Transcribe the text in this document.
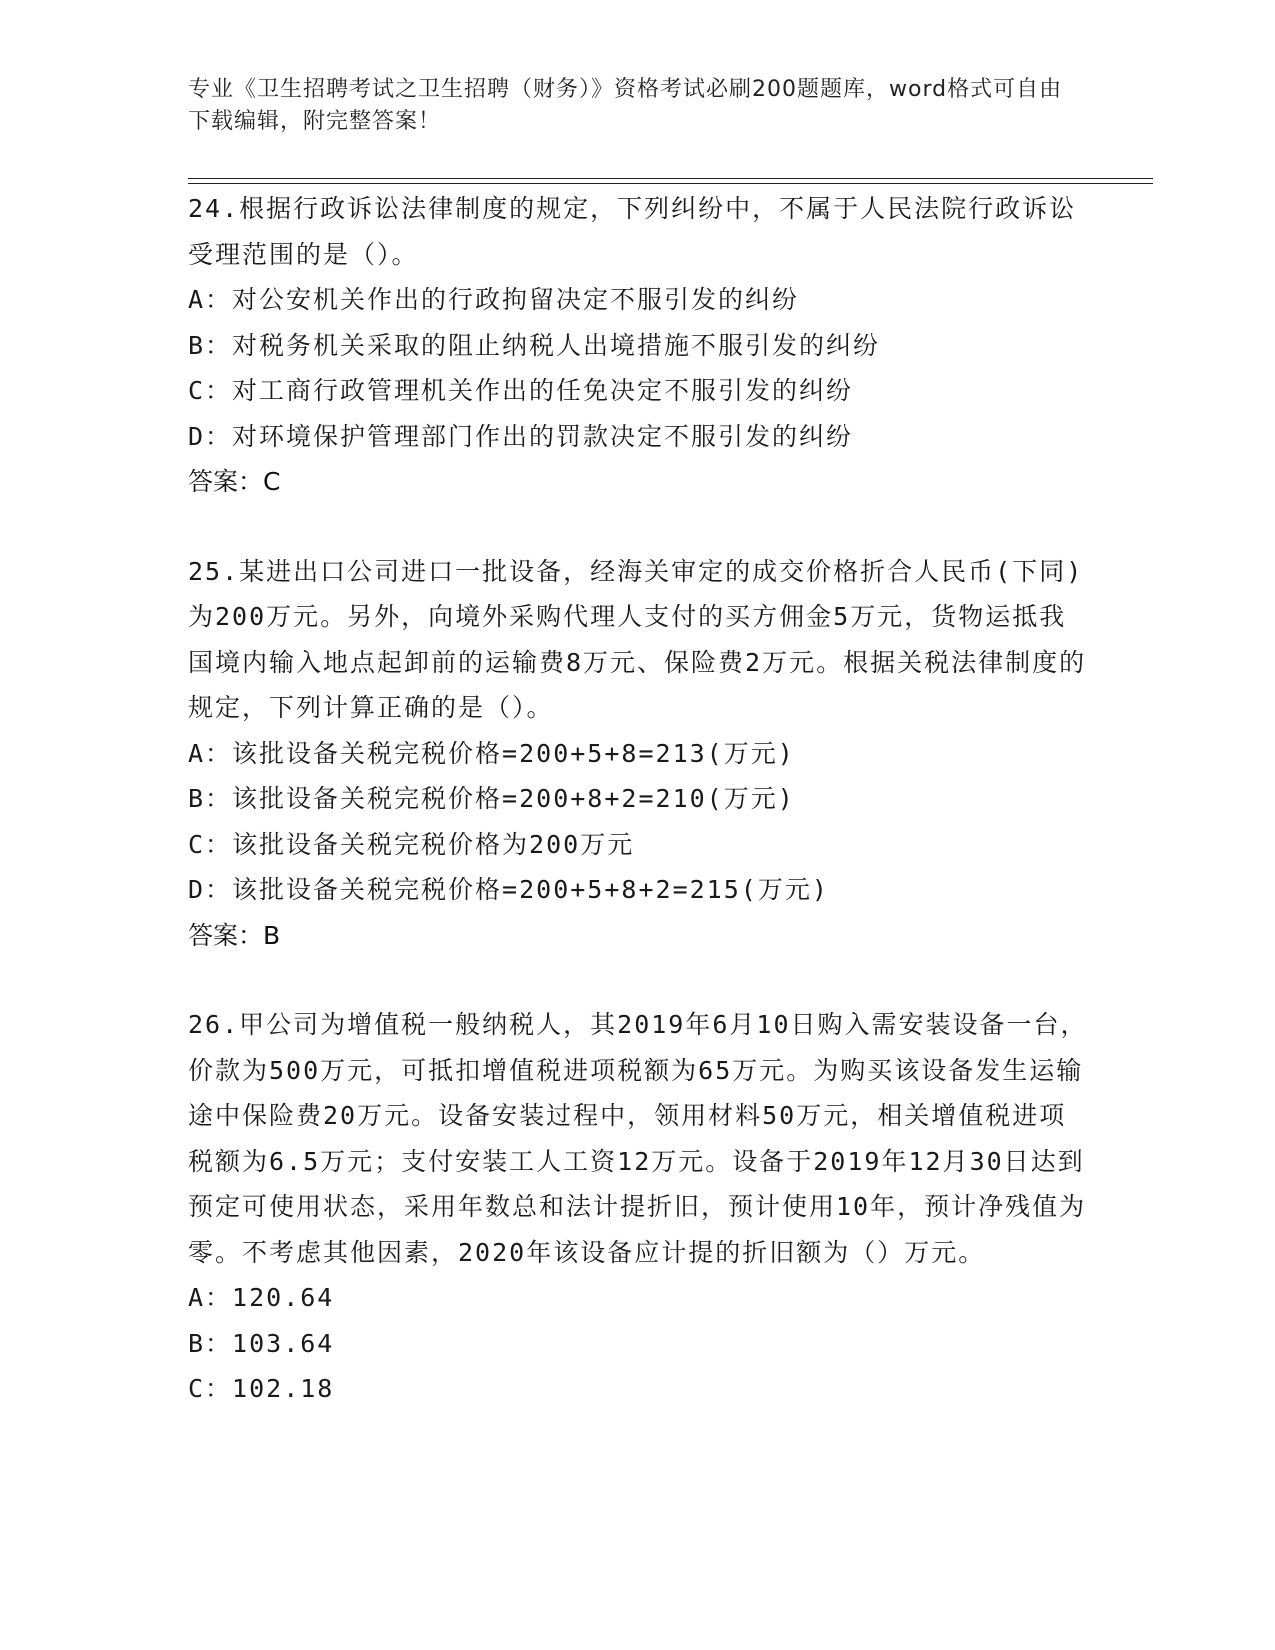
专业《卫生招聘考试之卫生招聘（财务）》资格考试必刷200题题库，word格式可自由下载编辑，附完整答案！

24.根据行政诉讼法律制度的规定，下列纠纷中，不属于人民法院行政诉讼受理范围的是（）。

A：对公安机关作出的行政拘留决定不服引发的纠纷

B：对税务机关采取的阻止纳税人出境措施不服引发的纠纷

C：对工商行政管理机关作出的任免决定不服引发的纠纷

D：对环境保护管理部门作出的罚款决定不服引发的纠纷

答案：C

25.某进出口公司进口一批设备，经海关审定的成交价格折合人民币(下同)为200万元。另外，向境外采购代理人支付的买方佣金5万元，货物运抵我国境内输入地点起卸前的运输费8万元、保险费2万元。根据关税法律制度的规定，下列计算正确的是（）。

A：该批设备关税完税价格=200+5+8=213(万元)

B：该批设备关税完税价格=200+8+2=210(万元)

C：该批设备关税完税价格为200万元

D：该批设备关税完税价格=200+5+8+2=215(万元)

答案：B

26.甲公司为增值税一般纳税人，其2019年6月10日购入需安装设备一台，价款为500万元，可抵扣增值税进项税额为65万元。为购买该设备发生运输途中保险费20万元。设备安装过程中，领用材料50万元，相关增值税进项税额为6.5万元；支付安装工人工资12万元。设备于2019年12月30日达到预定可使用状态，采用年数总和法计提折旧，预计使用10年，预计净残值为零。不考虑其他因素，2020年该设备应计提的折旧额为（）万元。

A：120.64

B：103.64

C：102.18
